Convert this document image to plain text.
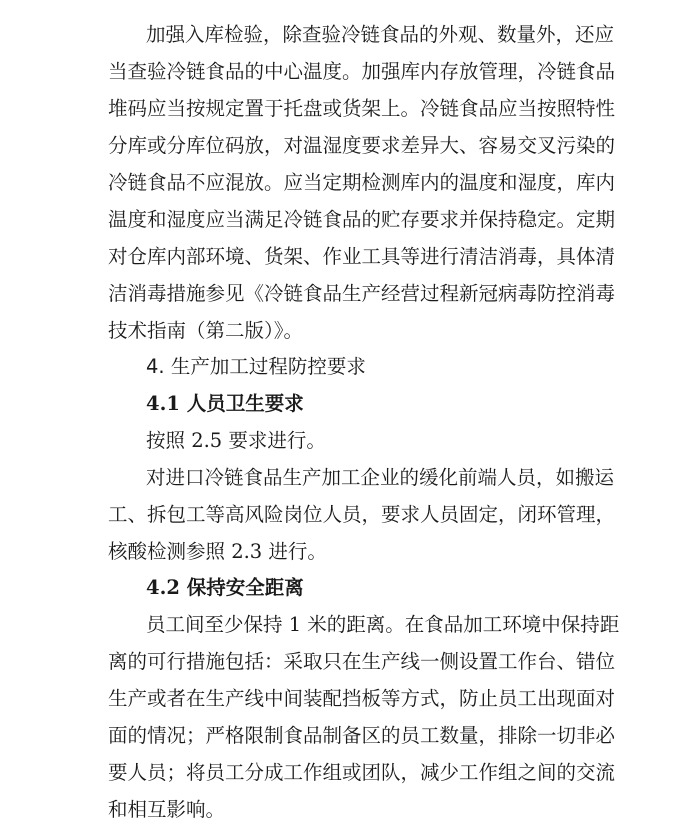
加强入库检验，除查验冷链食品的外观、数量外，还应
当查验冷链食品的中心温度。加强库内存放管理，冷链食品
堆码应当按规定置于托盘或货架上。冷链食品应当按照特性
分库或分库位码放，对温湿度要求差异大、容易交叉污染的
冷链食品不应混放。应当定期检测库内的温度和湿度，库内
温度和湿度应当满足冷链食品的贮存要求并保持稳定。定期
对仓库内部环境、货架、作业工具等进行清洁消毒，具体清
洁消毒措施参见《冷链食品生产经营过程新冠病毒防控消毒
技术指南（第二版）》。
4. 生产加工过程防控要求
4.1 人员卫生要求
按照 2.5 要求进行。
对进口冷链食品生产加工企业的缓化前端人员，如搬运
工、拆包工等高风险岗位人员，要求人员固定，闭环管理，
核酸检测参照 2.3 进行。
4.2 保持安全距离
员工间至少保持 1 米的距离。在食品加工环境中保持距
离的可行措施包括：采取只在生产线一侧设置工作台、错位
生产或者在生产线中间装配挡板等方式，防止员工出现面对
面的情况；严格限制食品制备区的员工数量，排除一切非必
要人员；将员工分成工作组或团队，减少工作组之间的交流
和相互影响。
